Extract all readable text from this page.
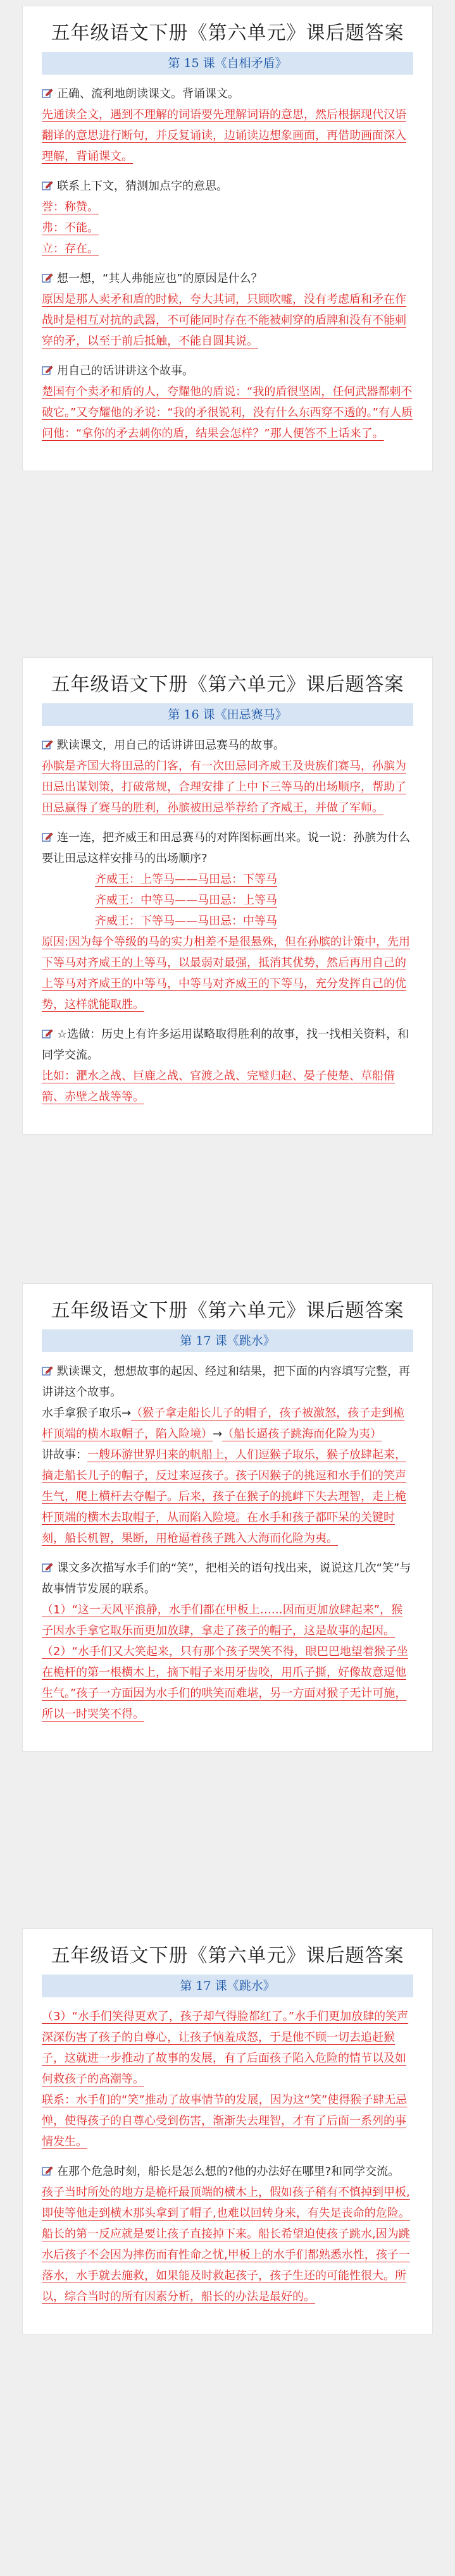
五年级语文下册《第六单元》课后题答案
第 15 课《自相矛盾》

正确、流利地朗读课文。背诵课文。

先通读全文，遇到不理解的词语要先理解词语的意思，然后根据现代汉语翻译的意思进行断句，并反复诵读，边诵读边想象画面，再借助画面深入理解，背诵课文。

联系上下文，猜测加点字的意思。

誉：称赞。

弗：不能。

立：存在。

想一想，“其人弗能应也”的原因是什么？

原因是那人卖矛和盾的时候，夸大其词，只顾吹嘘，没有考虑盾和矛在作战时是相互对抗的武器，不可能同时存在不能被刺穿的盾牌和没有不能刺穿的矛，以至于前后抵触，不能自圆其说。

用自己的话讲讲这个故事。

楚国有个卖矛和盾的人，夸耀他的盾说：“我的盾很坚固，任何武器都刺不破它。”又夸耀他的矛说：“我的矛很锐利，没有什么东西穿不透的。”有人质问他：“拿你的矛去刺你的盾，结果会怎样？”那人便答不上话来了。

五年级语文下册《第六单元》课后题答案
第 16 课《田忌赛马》

默读课文，用自己的话讲讲田忌赛马的故事。

孙膑是齐国大将田忌的门客，有一次田忌同齐威王及贵族们赛马，孙膑为田忌出谋划策，打破常规，合理安排了上中下三等马的出场顺序，帮助了田忌赢得了赛马的胜利，孙膑被田忌举荐给了齐威王，并做了军师。

连一连，把齐威王和田忌赛马的对阵图标画出来。说一说：孙膑为什么要让田忌这样安排马的出场顺序?

齐威王：上等马——马田忌：下等马

齐威王：中等马——马田忌：上等马

齐威王：下等马——马田忌：中等马

原因:因为每个等级的马的实力相差不是很悬殊，但在孙膑的计策中，先用下等马对齐威王的上等马，以最弱对最强，抵消其优势，然后再用自己的上等马对齐威王的中等马，中等马对齐威王的下等马，充分发挥自己的优势，这样就能取胜。

☆选做：历史上有许多运用谋略取得胜利的故事，找一找相关资料，和同学交流。

比如：淝水之战、巨鹿之战、官渡之战、完璧归赵、晏子使楚、草船借箭、赤壁之战等等。

五年级语文下册《第六单元》课后题答案
第 17 课《跳水》

默读课文，想想故事的起因、经过和结果，把下面的内容填写完整，再讲讲这个故事。

水手拿猴子取乐→（猴子拿走船长儿子的帽子，孩子被激怒，孩子走到桅杆顶端的横木取帽子，陷入险境）→（船长逼孩子跳海而化险为夷）

讲故事：一艘环游世界归来的帆船上，人们逗猴子取乐，猴子放肆起来，摘走船长儿子的帽子，反过来逗孩子。孩子因猴子的挑逗和水手们的笑声生气，爬上横杆去夺帽子。后来，孩子在猴子的挑衅下失去理智，走上桅杆顶端的横木去取帽子，从而陷入险境。在水手和孩子都吓呆的关键时刻，船长机智，果断，用枪逼着孩子跳入大海而化险为夷。

课文多次描写水手们的“笑”，把相关的语句找出来，说说这几次“笑”与故事情节发展的联系。

（1）“这一天风平浪静，水手们都在甲板上……因而更加放肆起来”，猴子因水手拿它取乐而更加放肆，拿走了孩子的帽子，这是故事的起因。

（2）“水手们又大笑起来，只有那个孩子哭笑不得，眼巴巴地望着猴子坐在桅杆的第一根横木上，摘下帽子来用牙齿咬，用爪子撕，好像故意逗他生气。”孩子一方面因为水手们的哄笑而难堪，另一方面对猴子无计可施，所以一时哭笑不得。

五年级语文下册《第六单元》课后题答案
第 17 课《跳水》

（3）“水手们笑得更欢了，孩子却气得脸都红了。”水手们更加放肆的笑声深深伤害了孩子的自尊心，让孩子恼羞成怒，于是他不顾一切去追赶猴子，这就进一步推动了故事的发展，有了后面孩子陷入危险的情节以及如何救孩子的高潮等。

联系：水手们的“笑”推动了故事情节的发展，因为这“笑”使得猴子肆无忌惮，使得孩子的自尊心受到伤害，渐渐失去理智，才有了后面一系列的事情发生。

在那个危急时刻，船长是怎么想的?他的办法好在哪里?和同学交流。

孩子当时所处的地方是桅杆最顶端的横木上，假如孩子稍有不慎掉到甲板,即使等他走到横木那头拿到了帽子,也难以回转身来，有失足丧命的危险。船长的第一反应就是要让孩子直接掉下来。船长希望迫使孩子跳水,因为跳水后孩子不会因为摔伤而有性命之忧,甲板上的水手们都熟悉水性，孩子一落水，水手就去施救，如果能及时救起孩子，孩子生还的可能性很大。所以，综合当时的所有因素分析，船长的办法是最好的。
